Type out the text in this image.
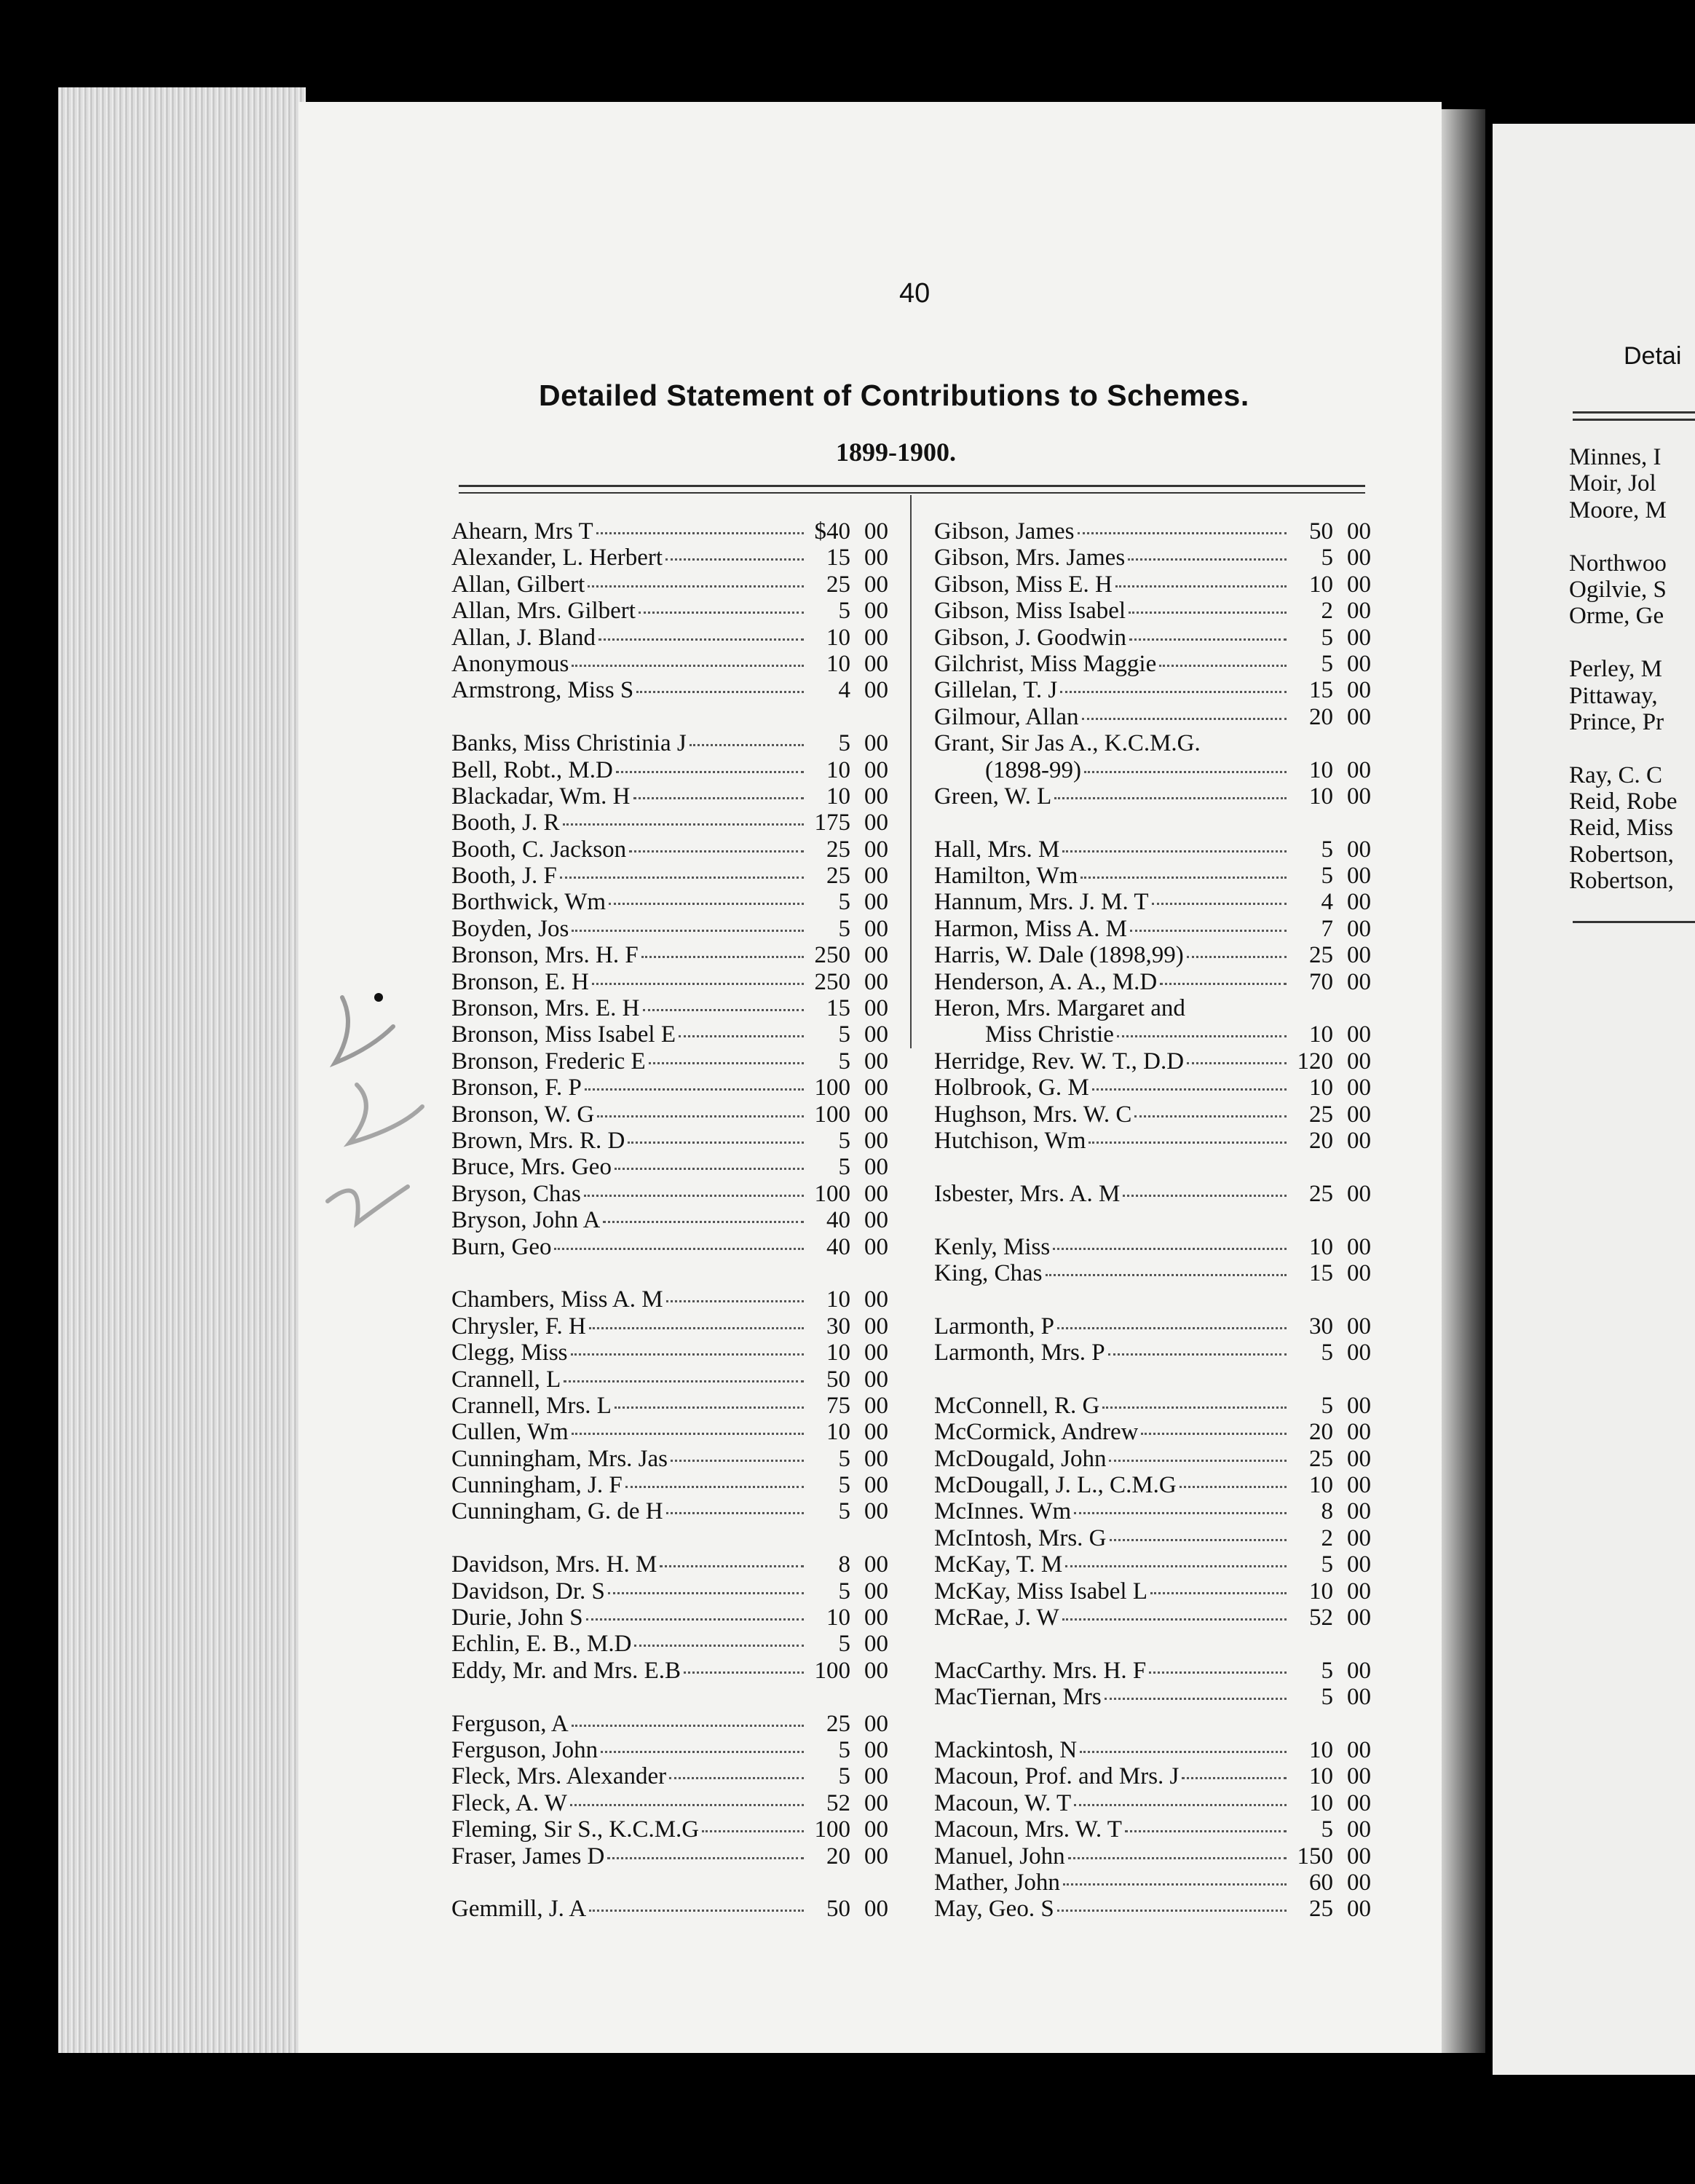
Detai
Minnes, I
Moir, Jol
Moore, M
Northwoo
Ogilvie, S
Orme, Ge
Perley, M
Pittaway,
Prince, Pr
Ray, C. C
Reid, Robe
Reid, Miss
Robertson,
Robertson,
40
Detailed Statement of Contributions to Schemes.
1899-1900.
Ahearn, Mrs T	$40 00
Alexander, L. Herbert	15 00
Allan, Gilbert	25 00
Allan, Mrs. Gilbert	5 00
Allan, J. Bland	10 00
Anonymous	10 00
Armstrong, Miss S	4 00
Banks, Miss Christinia J	5 00
Bell, Robt., M.D	10 00
Blackadar, Wm. H	10 00
Booth, J. R	175 00
Booth, C. Jackson	25 00
Booth, J. F	25 00
Borthwick, Wm	5 00
Boyden, Jos	5 00
Bronson, Mrs. H. F	250 00
Bronson, E. H	250 00
Bronson, Mrs. E. H	15 00
Bronson, Miss Isabel E	5 00
Bronson, Frederic E	5 00
Bronson, F. P	100 00
Bronson, W. G	100 00
Brown, Mrs. R. D	5 00
Bruce, Mrs. Geo	5 00
Bryson, Chas	100 00
Bryson, John A	40 00
Burn, Geo	40 00
Chambers, Miss A. M	10 00
Chrysler, F. H	30 00
Clegg, Miss	10 00
Crannell, L	50 00
Crannell, Mrs. L	75 00
Cullen, Wm	10 00
Cunningham, Mrs. Jas	5 00
Cunningham, J. F	5 00
Cunningham, G. de H	5 00
Davidson, Mrs. H. M	8 00
Davidson, Dr. S	5 00
Durie, John S	10 00
Echlin, E. B., M.D	5 00
Eddy, Mr. and Mrs. E.B	100 00
Ferguson, A	25 00
Ferguson, John	5 00
Fleck, Mrs. Alexander	5 00
Fleck, A. W	52 00
Fleming, Sir S., K.C.M.G	100 00
Fraser, James D	20 00
Gemmill, J. A	50 00
Gibson, James	50 00
Gibson, Mrs. James	5 00
Gibson, Miss E. H	10 00
Gibson, Miss Isabel	2 00
Gibson, J. Goodwin	5 00
Gilchrist, Miss Maggie	5 00
Gillelan, T. J	15 00
Gilmour, Allan	20 00
Grant, Sir Jas A., K.C.M.G.
(1898-99)	10 00
Green, W. L	10 00
Hall, Mrs. M	5 00
Hamilton, Wm	5 00
Hannum, Mrs. J. M. T	4 00
Harmon, Miss A. M	7 00
Harris, W. Dale (1898,99)	25 00
Henderson, A. A., M.D	70 00
Heron, Mrs. Margaret and
Miss Christie	10 00
Herridge, Rev. W. T., D.D	120 00
Holbrook, G. M	10 00
Hughson, Mrs. W. C	25 00
Hutchison, Wm	20 00
Isbester, Mrs. A. M	25 00
Kenly, Miss	10 00
King, Chas	15 00
Larmonth, P	30 00
Larmonth, Mrs. P	5 00
McConnell, R. G	5 00
McCormick, Andrew	20 00
McDougald, John	25 00
McDougall, J. L., C.M.G	10 00
McInnes. Wm	8 00
McIntosh, Mrs. G	2 00
McKay, T. M	5 00
McKay, Miss Isabel L	10 00
McRae, J. W	52 00
MacCarthy. Mrs. H. F	5 00
MacTiernan, Mrs	5 00
Mackintosh, N	10 00
Macoun, Prof. and Mrs. J	10 00
Macoun, W. T	10 00
Macoun, Mrs. W. T	5 00
Manuel, John	150 00
Mather, John	60 00
May, Geo. S	25 00
